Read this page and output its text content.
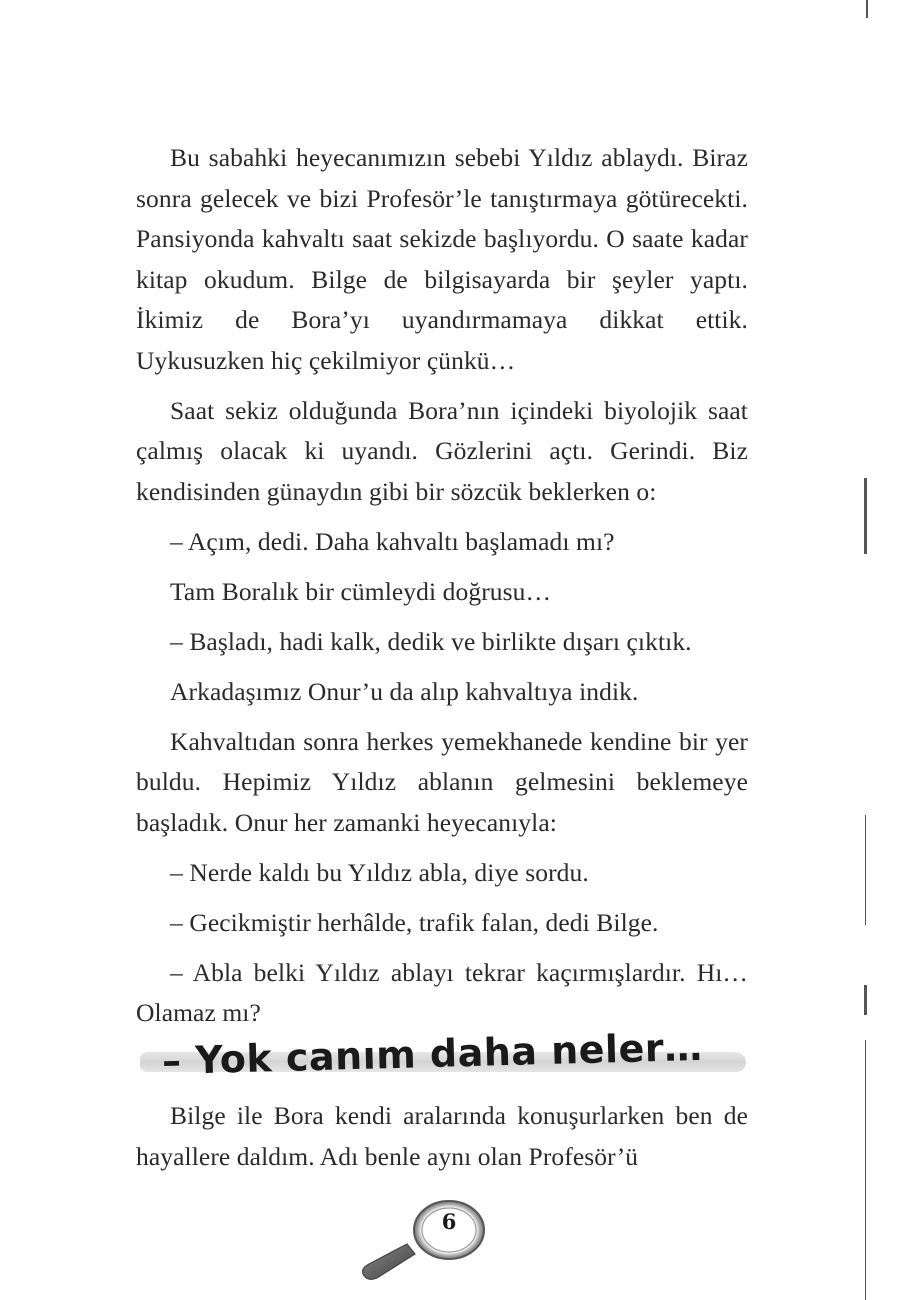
Bu sabahki heyecanımızın sebebi Yıldız ablaydı. Biraz sonra gelecek ve bizi Profesör’le tanıştırmaya götürecekti. Pansiyonda kahvaltı saat sekizde başlıyordu. O saate kadar kitap okudum. Bilge de bilgisayarda bir şeyler yaptı. İkimiz de Bora’yı uyandırmamaya dikkat ettik. Uykusuzken hiç çekilmiyor çünkü…

Saat sekiz olduğunda Bora’nın içindeki biyolojik saat çalmış olacak ki uyandı. Gözlerini açtı. Gerindi. Biz kendisinden günaydın gibi bir sözcük beklerken o:

– Açım, dedi. Daha kahvaltı başlamadı mı?

Tam Boralık bir cümleydi doğrusu…

– Başladı, hadi kalk, dedik ve birlikte dışarı çıktık.

Arkadaşımız Onur’u da alıp kahvaltıya indik.

Kahvaltıdan sonra herkes yemekhanede kendine bir yer buldu. Hepimiz Yıldız ablanın gelmesini beklemeye başladık. Onur her zamanki heyecanıyla:

– Nerde kaldı bu Yıldız abla, diye sordu.

– Gecikmiştir herhâlde, trafik falan, dedi Bilge.

– Abla belki Yıldız ablayı tekrar kaçırmışlardır. Hı… Olamaz mı?

– Yok canım daha neler…

Bilge ile Bora kendi aralarında konuşurlarken ben de hayallere daldım. Adı benle aynı olan Profesör’ü

6
